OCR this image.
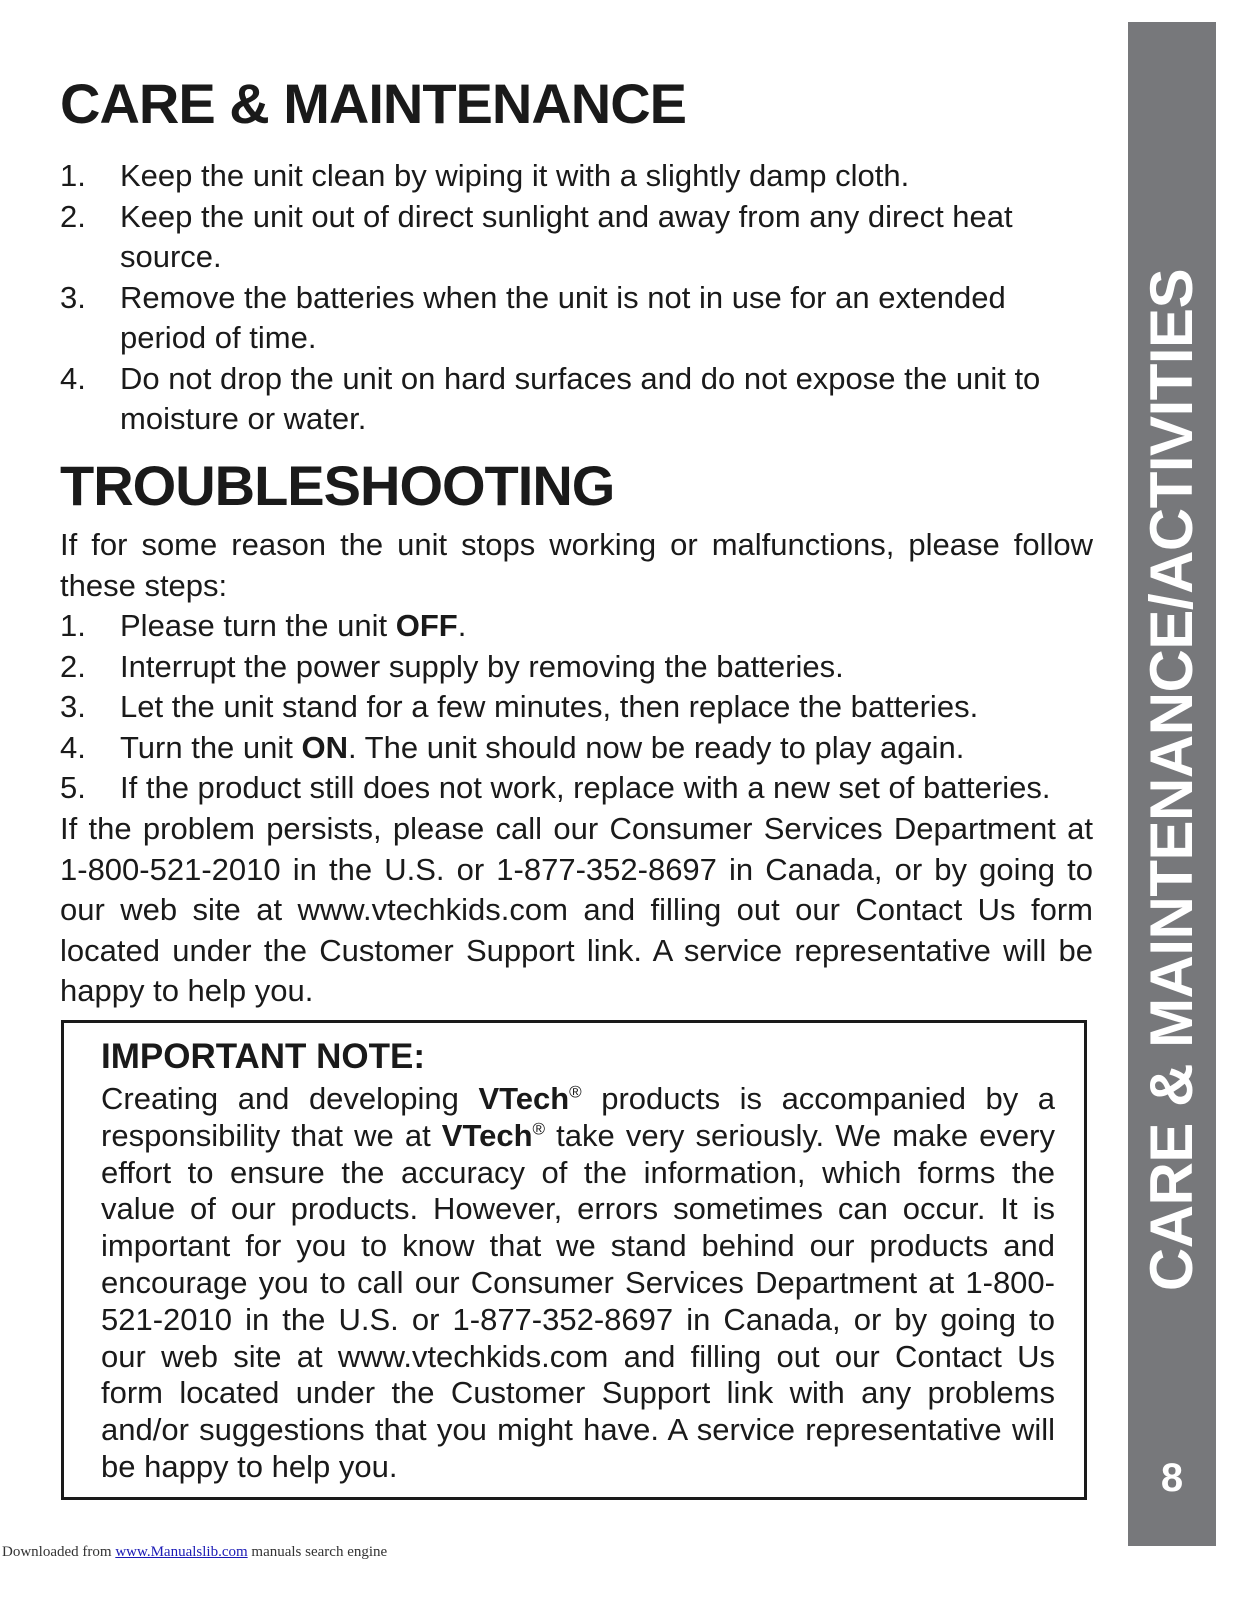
CARE & MAINTENANCE
1. Keep the unit clean by wiping it with a slightly damp cloth.
2. Keep the unit out of direct sunlight and away from any direct heat source.
3. Remove the batteries when the unit is not in use for an extended period of time.
4. Do not drop the unit on hard surfaces and do not expose the unit to moisture or water.
TROUBLESHOOTING

If for some reason the unit stops working or malfunctions, please follow these steps:

1. Please turn the unit OFF.
2. Interrupt the power supply by removing the batteries.
3. Let the unit stand for a few minutes, then replace the batteries.
4. Turn the unit ON. The unit should now be ready to play again.
5. If the product still does not work, replace with a new set of batteries.

If the problem persists, please call our Consumer Services Department at 1-800-521-2010 in the U.S. or 1-877-352-8697 in Canada, or by going to our web site at www.vtechkids.com and filling out our Contact Us form located under the Customer Support link. A service representative will be happy to help you.

IMPORTANT NOTE:

Creating and developing VTech® products is accompanied by a responsibility that we at VTech® take very seriously. We make every effort to ensure the accuracy of the information, which forms the value of our products. However, errors sometimes can occur. It is important for you to know that we stand behind our products and encourage you to call our Consumer Services Department at 1-800-521-2010 in the U.S. or 1-877-352-8697 in Canada, or by going to our web site at www.vtechkids.com and filling out our Contact Us form located under the Customer Support link with any problems and/or suggestions that you might have. A service representative will be happy to help you.

CARE & MAINTENANCE/ACTIVITIES
8

Downloaded from www.Manualslib.com manuals search engine
